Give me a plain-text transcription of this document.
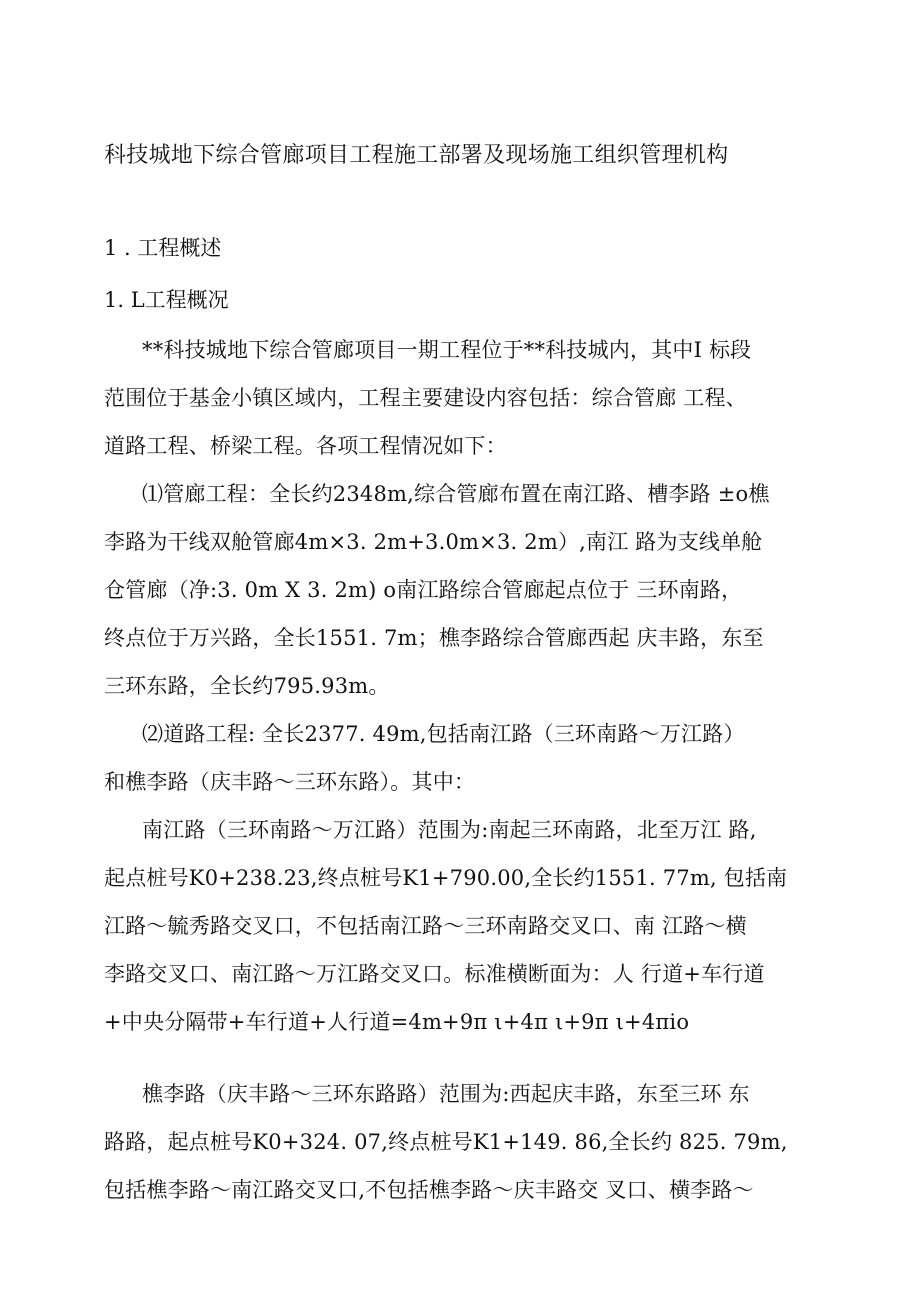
科技城地下综合管廊项目工程施工部署及现场施工组织管理机构
1 . 工程概述
1. L工程概况
**科技城地下综合管廊项目一期工程位于**科技城内，其中I 标段
范围位于基金小镇区域内，工程主要建设内容包括：综合管廊 工程、
道路工程、桥梁工程。各项工程情况如下：
⑴管廊工程：全长约2348m,综合管廊布置在南江路、槽李路 ±o樵
李路为干线双舱管廊4m×3. 2m+3.0m×3. 2m）,南江 路为支线单舱
仓管廊（净:3. 0m X 3. 2m) o南江路综合管廊起点位于 三环南路，
终点位于万兴路，全长1551. 7m；樵李路综合管廊西起 庆丰路，东至
三环东路，全长约795.93m。
⑵道路工程: 全长2377. 49m,包括南江路（三环南路～万江路）
和樵李路（庆丰路～三环东路）。其中：
南江路（三环南路～万江路）范围为:南起三环南路，北至万江 路,
起点桩号K0+238.23,终点桩号K1+790.00,全长约1551. 77m, 包括南
江路～毓秀路交叉口，不包括南江路～三环南路交叉口、南 江路～横
李路交叉口、南江路～万江路交叉口。标准横断面为：人 行道+车行道
+中央分隔带+车行道+人行道=4m+9π ι+4π ι+9π ι+4πio
樵李路（庆丰路～三环东路路）范围为:西起庆丰路，东至三环 东
路路，起点桩号K0+324. 07,终点桩号K1+149. 86,全长约 825. 79m,
包括樵李路～南江路交叉口,不包括樵李路～庆丰路交 叉口、横李路～
